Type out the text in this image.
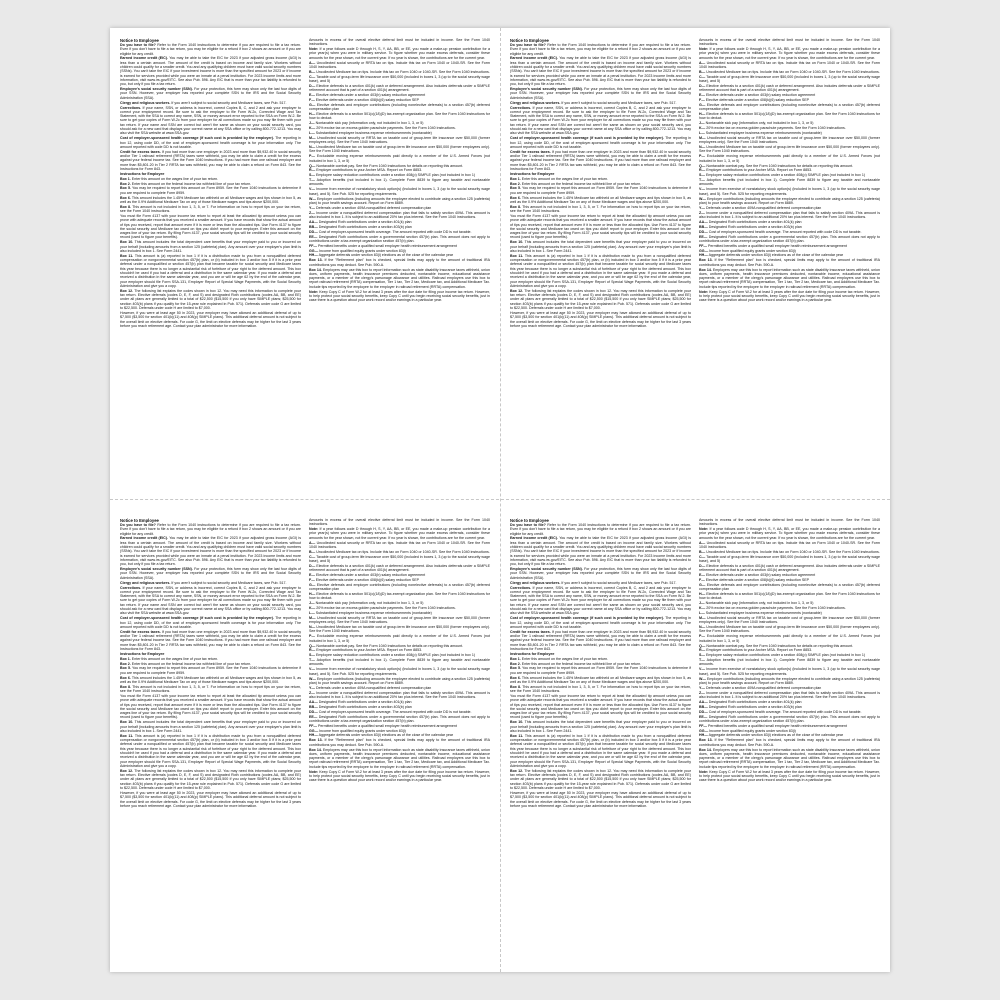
Notice to Employee

Do you have to file? Refer to the Form 1040 instructions to determine if you are required to file a tax return. Even if you don't have to file a tax return, you may be eligible for a refund if box 2 shows an amount or if you are eligible for any credit.

Earned income credit (EIC). You may be able to take the EIC for 2023 if your adjusted gross income (AGI) is less than a certain amount. The amount of the credit is based on income and family size. Workers without children could qualify for a smaller credit. You and any qualifying children must have valid social security numbers (SSNs). You can't take the EIC if your investment income is more than the specified amount for 2023 or if income is earned for services provided while you were an inmate at a penal institution. For 2023 income limits and more information, visit www.irs.gov/EITC. See also Pub. 596. Any EIC that is more than your tax liability is refunded to you, but only if you file a tax return.

Employee's social security number (SSN). For your protection, this form may show only the last four digits of your SSN. However, your employer has reported your complete SSN to the IRS and the Social Security Administration (SSA).

Clergy and religious workers. If you aren't subject to social security and Medicare taxes, see Pub. 517.

Corrections. If your name, SSN, or address is incorrect, correct Copies B, C, and 2 and ask your employer to correct your employment record. Be sure to ask the employer to file Form W-2c, Corrected Wage and Tax Statement, with the SSA to correct any name, SSN, or money amount error reported to the SSA on Form W-2. Be sure to get your copies of Form W-2c from your employer for all corrections made so you may file them with your tax return. If your name and SSN are correct but aren't the same as shown on your social security card, you should ask for a new card that displays your correct name at any SSA office or by calling 800-772-1213. You may also visit the SSA website at www.SSA.gov.

Cost of employer-sponsored health coverage (if such cost is provided by the employer). The reporting in box 12, using code DD, of the cost of employer-sponsored health coverage is for your information only. The amount reported with code DD is not taxable.

Credit for excess taxes. If you had more than one employer in 2023 and more than $9,932.40 in social security and/or Tier 1 railroad retirement (RRTA) taxes were withheld, you may be able to claim a credit for the excess against your federal income tax. See the Form 1040 instructions. If you had more than one railroad employer and more than $5,801.20 in Tier 2 RRTA tax was withheld, you may be able to claim a refund on Form 843. See the Instructions for Form 843.

Instructions for Employee

Box 1. Enter this amount on the wages line of your tax return.

Box 2. Enter this amount on the federal income tax withheld line of your tax return.

Box 5. You may be required to report this amount on Form 8959. See the Form 1040 instructions to determine if you are required to complete Form 8959.

Box 6. This amount includes the 1.45% Medicare tax withheld on all Medicare wages and tips shown in box 5, as well as the 0.9% Additional Medicare Tax on any of those Medicare wages and tips above $200,000.

Box 8. This amount is not included in box 1, 3, 5, or 7. For information on how to report tips on your tax return, see the Form 1040 instructions.

You must file Form 4137 with your income tax return to report at least the allocated tip amount unless you can prove with adequate records that you received a smaller amount. If you have records that show the actual amount of tips you received, report that amount even if it is more or less than the allocated tips. Use Form 4137 to figure the social security and Medicare tax owed on tips you didn't report to your employer. Enter this amount on the wages line of your tax return. By filing Form 4137, your social security tips will be credited to your social security record (used to figure your benefits).

Box 10. This amount includes the total dependent care benefits that your employer paid to you or incurred on your behalf (including amounts from a section 125 (cafeteria) plan). Any amount over your employer's plan limit is also included in box 1. See Form 2441.

Box 11. This amount is (a) reported in box 1 if it is a distribution made to you from a nonqualified deferred compensation or nongovernmental section 457(b) plan, or (b) included in box 3 and/or box 5 if it is a prior year deferral under a nonqualified or section 457(b) plan that became taxable for social security and Medicare taxes this year because there is no longer a substantial risk of forfeiture of your right to the deferred amount. This box shouldn't be used if you had a deferral and a distribution in the same calendar year. If you made a deferral and received a distribution in the same calendar year, and you are or will be age 62 by the end of the calendar year, your employer should file Form SSA-131, Employer Report of Special Wage Payments, with the Social Security Administration and give you a copy.

Box 12. The following list explains the codes shown in box 12. You may need this information to complete your tax return. Elective deferrals (codes D, E, F, and S) and designated Roth contributions (codes AA, BB, and EE) under all plans are generally limited to a total of $22,500 ($15,500 if you only have SIMPLE plans; $25,500 for section 403(b) plans if you qualify for the 15-year rule explained in Pub. 571). Deferrals under code G are limited to $22,500. Deferrals under code H are limited to $7,000.

However, if you were at least age 50 in 2023, your employer may have allowed an additional deferral of up to $7,500 ($3,500 for section 401(k)(11) and 408(p) SIMPLE plans). This additional deferral amount is not subject to the overall limit on elective deferrals. For code G, the limit on elective deferrals may be higher for the last 3 years before you reach retirement age. Contact your plan administrator for more information.

Amounts in excess of the overall elective deferral limit must be included in income. See the Form 1040 instructions.

Note: If a year follows code D through H, S, Y, AA, BB, or EE, you made a make-up pension contribution for a prior year(s) when you were in military service. To figure whether you made excess deferrals, consider these amounts for the year shown, not the current year. If no year is shown, the contributions are for the current year.

A— Uncollected social security or RRTA tax on tips. Include this tax on Form 1040 or 1040-SR. See the Form 1040 instructions.

B— Uncollected Medicare tax on tips. Include this tax on Form 1040 or 1040-SR. See the Form 1040 instructions.

C— Taxable cost of group-term life insurance over $50,000 (included in boxes 1, 3 (up to the social security wage base), and 5)

D— Elective deferrals to a section 401(k) cash or deferred arrangement. Also includes deferrals under a SIMPLE retirement account that is part of a section 401(k) arrangement.

E— Elective deferrals under a section 403(b) salary reduction agreement

F— Elective deferrals under a section 408(k)(6) salary reduction SEP

G— Elective deferrals and employer contributions (including nonelective deferrals) to a section 457(b) deferred compensation plan

H— Elective deferrals to a section 501(c)(18)(D) tax-exempt organization plan. See the Form 1040 instructions for how to deduct.

J— Nontaxable sick pay (information only, not included in box 1, 3, or 5)

K— 20% excise tax on excess golden parachute payments. See the Form 1040 instructions.

L— Substantiated employee business expense reimbursements (nontaxable)

M— Uncollected social security or RRTA tax on taxable cost of group-term life insurance over $50,000 (former employees only). See the Form 1040 instructions.

N— Uncollected Medicare tax on taxable cost of group-term life insurance over $50,000 (former employees only). See the Form 1040 instructions.

P— Excludable moving expense reimbursements paid directly to a member of the U.S. Armed Forces (not included in box 1, 3, or 5)

Q— Nontaxable combat pay. See the Form 1040 instructions for details on reporting this amount.

R— Employer contributions to your Archer MSA. Report on Form 8853.

S— Employee salary reduction contributions under a section 408(p) SIMPLE plan (not included in box 1)

T— Adoption benefits (not included in box 1). Complete Form 8839 to figure any taxable and nontaxable amounts.

V— Income from exercise of nonstatutory stock option(s) (included in boxes 1, 3 (up to the social security wage base), and 5). See Pub. 525 for reporting requirements.

W— Employer contributions (including amounts the employee elected to contribute using a section 125 (cafeteria) plan) to your health savings account. Report on Form 8889.

Y— Deferrals under a section 409A nonqualified deferred compensation plan

Z— Income under a nonqualified deferred compensation plan that fails to satisfy section 409A. This amount is also included in box 1. It is subject to an additional 20% tax plus interest. See the Form 1040 instructions.

AA— Designated Roth contributions under a section 401(k) plan

BB— Designated Roth contributions under a section 403(b) plan

DD— Cost of employer-sponsored health coverage. The amount reported with code DD is not taxable.

EE— Designated Roth contributions under a governmental section 457(b) plan. This amount does not apply to contributions under a tax-exempt organization section 457(b) plan.

FF— Permitted benefits under a qualified small employer health reimbursement arrangement

GG— Income from qualified equity grants under section 83(i)

HH— Aggregate deferrals under section 83(i) elections as of the close of the calendar year

Box 13. If the "Retirement plan" box is checked, special limits may apply to the amount of traditional IRA contributions you may deduct. See Pub. 590-A.

Box 14. Employers may use this box to report information such as state disability insurance taxes withheld, union dues, uniform payments, health insurance premiums deducted, nontaxable income, educational assistance payments, or a member of the clergy's parsonage allowance and utilities. Railroad employers use this box to report railroad retirement (RRTA) compensation, Tier 1 tax, Tier 2 tax, Medicare tax, and Additional Medicare Tax. Include tips reported by the employee to the employer in railroad retirement (RRTA) compensation.

Note: Keep Copy C of Form W-2 for at least 3 years after the due date for filing your income tax return. However, to help protect your social security benefits, keep Copy C until you begin receiving social security benefits, just in case there is a question about your work record and/or earnings in a particular year.

Notice to Employee

Do you have to file? Refer to the Form 1040 instructions to determine if you are required to file a tax return. Even if you don't have to file a tax return, you may be eligible for a refund if box 2 shows an amount or if you are eligible for any credit.

Earned income credit (EIC). You may be able to take the EIC for 2023 if your adjusted gross income (AGI) is less than a certain amount. The amount of the credit is based on income and family size. Workers without children could qualify for a smaller credit. You and any qualifying children must have valid social security numbers (SSNs). You can't take the EIC if your investment income is more than the specified amount for 2023 or if income is earned for services provided while you were an inmate at a penal institution. For 2023 income limits and more information, visit www.irs.gov/EITC. See also Pub. 596. Any EIC that is more than your tax liability is refunded to you, but only if you file a tax return.

Employee's social security number (SSN). For your protection, this form may show only the last four digits of your SSN. However, your employer has reported your complete SSN to the IRS and the Social Security Administration (SSA).

Clergy and religious workers. If you aren't subject to social security and Medicare taxes, see Pub. 517.

Corrections. If your name, SSN, or address is incorrect, correct Copies B, C, and 2 and ask your employer to correct your employment record. Be sure to ask the employer to file Form W-2c, Corrected Wage and Tax Statement, with the SSA to correct any name, SSN, or money amount error reported to the SSA on Form W-2. Be sure to get your copies of Form W-2c from your employer for all corrections made so you may file them with your tax return. If your name and SSN are correct but aren't the same as shown on your social security card, you should ask for a new card that displays your correct name at any SSA office or by calling 800-772-1213. You may also visit the SSA website at www.SSA.gov.

Cost of employer-sponsored health coverage (if such cost is provided by the employer). The reporting in box 12, using code DD, of the cost of employer-sponsored health coverage is for your information only. The amount reported with code DD is not taxable.

Credit for excess taxes. If you had more than one employer in 2023 and more than $9,932.40 in social security and/or Tier 1 railroad retirement (RRTA) taxes were withheld, you may be able to claim a credit for the excess against your federal income tax. See the Form 1040 instructions. If you had more than one railroad employer and more than $5,801.20 in Tier 2 RRTA tax was withheld, you may be able to claim a refund on Form 843. See the Instructions for Form 843.

Instructions for Employee

Box 1. Enter this amount on the wages line of your tax return.

Box 2. Enter this amount on the federal income tax withheld line of your tax return.

Box 5. You may be required to report this amount on Form 8959. See the Form 1040 instructions to determine if you are required to complete Form 8959.

Box 6. This amount includes the 1.45% Medicare tax withheld on all Medicare wages and tips shown in box 5, as well as the 0.9% Additional Medicare Tax on any of those Medicare wages and tips above $200,000.

Box 8. This amount is not included in box 1, 3, 5, or 7. For information on how to report tips on your tax return, see the Form 1040 instructions.

You must file Form 4137 with your income tax return to report at least the allocated tip amount unless you can prove with adequate records that you received a smaller amount. If you have records that show the actual amount of tips you received, report that amount even if it is more or less than the allocated tips. Use Form 4137 to figure the social security and Medicare tax owed on tips you didn't report to your employer. Enter this amount on the wages line of your tax return. By filing Form 4137, your social security tips will be credited to your social security record (used to figure your benefits).

Box 10. This amount includes the total dependent care benefits that your employer paid to you or incurred on your behalf (including amounts from a section 125 (cafeteria) plan). Any amount over your employer's plan limit is also included in box 1. See Form 2441.

Box 11. This amount is (a) reported in box 1 if it is a distribution made to you from a nonqualified deferred compensation or nongovernmental section 457(b) plan, or (b) included in box 3 and/or box 5 if it is a prior year deferral under a nonqualified or section 457(b) plan that became taxable for social security and Medicare taxes this year because there is no longer a substantial risk of forfeiture of your right to the deferred amount. This box shouldn't be used if you had a deferral and a distribution in the same calendar year. If you made a deferral and received a distribution in the same calendar year, and you are or will be age 62 by the end of the calendar year, your employer should file Form SSA-131, Employer Report of Special Wage Payments, with the Social Security Administration and give you a copy.

Box 12. The following list explains the codes shown in box 12. You may need this information to complete your tax return. Elective deferrals (codes D, E, F, and S) and designated Roth contributions (codes AA, BB, and EE) under all plans are generally limited to a total of $22,500 ($15,500 if you only have SIMPLE plans; $25,500 for section 403(b) plans if you qualify for the 15-year rule explained in Pub. 571). Deferrals under code G are limited to $22,500. Deferrals under code H are limited to $7,000.

However, if you were at least age 50 in 2023, your employer may have allowed an additional deferral of up to $7,500 ($3,500 for section 401(k)(11) and 408(p) SIMPLE plans). This additional deferral amount is not subject to the overall limit on elective deferrals. For code G, the limit on elective deferrals may be higher for the last 3 years before you reach retirement age. Contact your plan administrator for more information.

Amounts in excess of the overall elective deferral limit must be included in income. See the Form 1040 instructions.

Note: If a year follows code D through H, S, Y, AA, BB, or EE, you made a make-up pension contribution for a prior year(s) when you were in military service. To figure whether you made excess deferrals, consider these amounts for the year shown, not the current year. If no year is shown, the contributions are for the current year.

A— Uncollected social security or RRTA tax on tips. Include this tax on Form 1040 or 1040-SR. See the Form 1040 instructions.

B— Uncollected Medicare tax on tips. Include this tax on Form 1040 or 1040-SR. See the Form 1040 instructions.

C— Taxable cost of group-term life insurance over $50,000 (included in boxes 1, 3 (up to the social security wage base), and 5)

D— Elective deferrals to a section 401(k) cash or deferred arrangement. Also includes deferrals under a SIMPLE retirement account that is part of a section 401(k) arrangement.

E— Elective deferrals under a section 403(b) salary reduction agreement

F— Elective deferrals under a section 408(k)(6) salary reduction SEP

G— Elective deferrals and employer contributions (including nonelective deferrals) to a section 457(b) deferred compensation plan

H— Elective deferrals to a section 501(c)(18)(D) tax-exempt organization plan. See the Form 1040 instructions for how to deduct.

J— Nontaxable sick pay (information only, not included in box 1, 3, or 5)

K— 20% excise tax on excess golden parachute payments. See the Form 1040 instructions.

L— Substantiated employee business expense reimbursements (nontaxable)

M— Uncollected social security or RRTA tax on taxable cost of group-term life insurance over $50,000 (former employees only). See the Form 1040 instructions.

N— Uncollected Medicare tax on taxable cost of group-term life insurance over $50,000 (former employees only). See the Form 1040 instructions.

P— Excludable moving expense reimbursements paid directly to a member of the U.S. Armed Forces (not included in box 1, 3, or 5)

Q— Nontaxable combat pay. See the Form 1040 instructions for details on reporting this amount.

R— Employer contributions to your Archer MSA. Report on Form 8853.

S— Employee salary reduction contributions under a section 408(p) SIMPLE plan (not included in box 1)

T— Adoption benefits (not included in box 1). Complete Form 8839 to figure any taxable and nontaxable amounts.

V— Income from exercise of nonstatutory stock option(s) (included in boxes 1, 3 (up to the social security wage base), and 5). See Pub. 525 for reporting requirements.

W— Employer contributions (including amounts the employee elected to contribute using a section 125 (cafeteria) plan) to your health savings account. Report on Form 8889.

Y— Deferrals under a section 409A nonqualified deferred compensation plan

Z— Income under a nonqualified deferred compensation plan that fails to satisfy section 409A. This amount is also included in box 1. It is subject to an additional 20% tax plus interest. See the Form 1040 instructions.

AA— Designated Roth contributions under a section 401(k) plan

BB— Designated Roth contributions under a section 403(b) plan

DD— Cost of employer-sponsored health coverage. The amount reported with code DD is not taxable.

EE— Designated Roth contributions under a governmental section 457(b) plan. This amount does not apply to contributions under a tax-exempt organization section 457(b) plan.

FF— Permitted benefits under a qualified small employer health reimbursement arrangement

GG— Income from qualified equity grants under section 83(i)

HH— Aggregate deferrals under section 83(i) elections as of the close of the calendar year

Box 13. If the "Retirement plan" box is checked, special limits may apply to the amount of traditional IRA contributions you may deduct. See Pub. 590-A.

Box 14. Employers may use this box to report information such as state disability insurance taxes withheld, union dues, uniform payments, health insurance premiums deducted, nontaxable income, educational assistance payments, or a member of the clergy's parsonage allowance and utilities. Railroad employers use this box to report railroad retirement (RRTA) compensation, Tier 1 tax, Tier 2 tax, Medicare tax, and Additional Medicare Tax. Include tips reported by the employee to the employer in railroad retirement (RRTA) compensation.

Note: Keep Copy C of Form W-2 for at least 3 years after the due date for filing your income tax return. However, to help protect your social security benefits, keep Copy C until you begin receiving social security benefits, just in case there is a question about your work record and/or earnings in a particular year.

Notice to Employee

Do you have to file? Refer to the Form 1040 instructions to determine if you are required to file a tax return. Even if you don't have to file a tax return, you may be eligible for a refund if box 2 shows an amount or if you are eligible for any credit.

Earned income credit (EIC). You may be able to take the EIC for 2023 if your adjusted gross income (AGI) is less than a certain amount. The amount of the credit is based on income and family size. Workers without children could qualify for a smaller credit. You and any qualifying children must have valid social security numbers (SSNs). You can't take the EIC if your investment income is more than the specified amount for 2023 or if income is earned for services provided while you were an inmate at a penal institution. For 2023 income limits and more information, visit www.irs.gov/EITC. See also Pub. 596. Any EIC that is more than your tax liability is refunded to you, but only if you file a tax return.

Employee's social security number (SSN). For your protection, this form may show only the last four digits of your SSN. However, your employer has reported your complete SSN to the IRS and the Social Security Administration (SSA).

Clergy and religious workers. If you aren't subject to social security and Medicare taxes, see Pub. 517.

Corrections. If your name, SSN, or address is incorrect, correct Copies B, C, and 2 and ask your employer to correct your employment record. Be sure to ask the employer to file Form W-2c, Corrected Wage and Tax Statement, with the SSA to correct any name, SSN, or money amount error reported to the SSA on Form W-2. Be sure to get your copies of Form W-2c from your employer for all corrections made so you may file them with your tax return. If your name and SSN are correct but aren't the same as shown on your social security card, you should ask for a new card that displays your correct name at any SSA office or by calling 800-772-1213. You may also visit the SSA website at www.SSA.gov.

Cost of employer-sponsored health coverage (if such cost is provided by the employer). The reporting in box 12, using code DD, of the cost of employer-sponsored health coverage is for your information only. The amount reported with code DD is not taxable.

Credit for excess taxes. If you had more than one employer in 2023 and more than $9,932.40 in social security and/or Tier 1 railroad retirement (RRTA) taxes were withheld, you may be able to claim a credit for the excess against your federal income tax. See the Form 1040 instructions. If you had more than one railroad employer and more than $5,801.20 in Tier 2 RRTA tax was withheld, you may be able to claim a refund on Form 843. See the Instructions for Form 843.

Instructions for Employee

Box 1. Enter this amount on the wages line of your tax return.

Box 2. Enter this amount on the federal income tax withheld line of your tax return.

Box 5. You may be required to report this amount on Form 8959. See the Form 1040 instructions to determine if you are required to complete Form 8959.

Box 6. This amount includes the 1.45% Medicare tax withheld on all Medicare wages and tips shown in box 5, as well as the 0.9% Additional Medicare Tax on any of those Medicare wages and tips above $200,000.

Box 8. This amount is not included in box 1, 3, 5, or 7. For information on how to report tips on your tax return, see the Form 1040 instructions.

You must file Form 4137 with your income tax return to report at least the allocated tip amount unless you can prove with adequate records that you received a smaller amount. If you have records that show the actual amount of tips you received, report that amount even if it is more or less than the allocated tips. Use Form 4137 to figure the social security and Medicare tax owed on tips you didn't report to your employer. Enter this amount on the wages line of your tax return. By filing Form 4137, your social security tips will be credited to your social security record (used to figure your benefits).

Box 10. This amount includes the total dependent care benefits that your employer paid to you or incurred on your behalf (including amounts from a section 125 (cafeteria) plan). Any amount over your employer's plan limit is also included in box 1. See Form 2441.

Box 11. This amount is (a) reported in box 1 if it is a distribution made to you from a nonqualified deferred compensation or nongovernmental section 457(b) plan, or (b) included in box 3 and/or box 5 if it is a prior year deferral under a nonqualified or section 457(b) plan that became taxable for social security and Medicare taxes this year because there is no longer a substantial risk of forfeiture of your right to the deferred amount. This box shouldn't be used if you had a deferral and a distribution in the same calendar year. If you made a deferral and received a distribution in the same calendar year, and you are or will be age 62 by the end of the calendar year, your employer should file Form SSA-131, Employer Report of Special Wage Payments, with the Social Security Administration and give you a copy.

Box 12. The following list explains the codes shown in box 12. You may need this information to complete your tax return. Elective deferrals (codes D, E, F, and S) and designated Roth contributions (codes AA, BB, and EE) under all plans are generally limited to a total of $22,500 ($15,500 if you only have SIMPLE plans; $25,500 for section 403(b) plans if you qualify for the 15-year rule explained in Pub. 571). Deferrals under code G are limited to $22,500. Deferrals under code H are limited to $7,000.

However, if you were at least age 50 in 2023, your employer may have allowed an additional deferral of up to $7,500 ($3,500 for section 401(k)(11) and 408(p) SIMPLE plans). This additional deferral amount is not subject to the overall limit on elective deferrals. For code G, the limit on elective deferrals may be higher for the last 3 years before you reach retirement age. Contact your plan administrator for more information.

Amounts in excess of the overall elective deferral limit must be included in income. See the Form 1040 instructions.

Note: If a year follows code D through H, S, Y, AA, BB, or EE, you made a make-up pension contribution for a prior year(s) when you were in military service. To figure whether you made excess deferrals, consider these amounts for the year shown, not the current year. If no year is shown, the contributions are for the current year.

A— Uncollected social security or RRTA tax on tips. Include this tax on Form 1040 or 1040-SR. See the Form 1040 instructions.

B— Uncollected Medicare tax on tips. Include this tax on Form 1040 or 1040-SR. See the Form 1040 instructions.

C— Taxable cost of group-term life insurance over $50,000 (included in boxes 1, 3 (up to the social security wage base), and 5)

D— Elective deferrals to a section 401(k) cash or deferred arrangement. Also includes deferrals under a SIMPLE retirement account that is part of a section 401(k) arrangement.

E— Elective deferrals under a section 403(b) salary reduction agreement

F— Elective deferrals under a section 408(k)(6) salary reduction SEP

G— Elective deferrals and employer contributions (including nonelective deferrals) to a section 457(b) deferred compensation plan

H— Elective deferrals to a section 501(c)(18)(D) tax-exempt organization plan. See the Form 1040 instructions for how to deduct.

J— Nontaxable sick pay (information only, not included in box 1, 3, or 5)

K— 20% excise tax on excess golden parachute payments. See the Form 1040 instructions.

L— Substantiated employee business expense reimbursements (nontaxable)

M— Uncollected social security or RRTA tax on taxable cost of group-term life insurance over $50,000 (former employees only). See the Form 1040 instructions.

N— Uncollected Medicare tax on taxable cost of group-term life insurance over $50,000 (former employees only). See the Form 1040 instructions.

P— Excludable moving expense reimbursements paid directly to a member of the U.S. Armed Forces (not included in box 1, 3, or 5)

Q— Nontaxable combat pay. See the Form 1040 instructions for details on reporting this amount.

R— Employer contributions to your Archer MSA. Report on Form 8853.

S— Employee salary reduction contributions under a section 408(p) SIMPLE plan (not included in box 1)

T— Adoption benefits (not included in box 1). Complete Form 8839 to figure any taxable and nontaxable amounts.

V— Income from exercise of nonstatutory stock option(s) (included in boxes 1, 3 (up to the social security wage base), and 5). See Pub. 525 for reporting requirements.

W— Employer contributions (including amounts the employee elected to contribute using a section 125 (cafeteria) plan) to your health savings account. Report on Form 8889.

Y— Deferrals under a section 409A nonqualified deferred compensation plan

Z— Income under a nonqualified deferred compensation plan that fails to satisfy section 409A. This amount is also included in box 1. It is subject to an additional 20% tax plus interest. See the Form 1040 instructions.

AA— Designated Roth contributions under a section 401(k) plan

BB— Designated Roth contributions under a section 403(b) plan

DD— Cost of employer-sponsored health coverage. The amount reported with code DD is not taxable.

EE— Designated Roth contributions under a governmental section 457(b) plan. This amount does not apply to contributions under a tax-exempt organization section 457(b) plan.

FF— Permitted benefits under a qualified small employer health reimbursement arrangement

GG— Income from qualified equity grants under section 83(i)

HH— Aggregate deferrals under section 83(i) elections as of the close of the calendar year

Box 13. If the "Retirement plan" box is checked, special limits may apply to the amount of traditional IRA contributions you may deduct. See Pub. 590-A.

Box 14. Employers may use this box to report information such as state disability insurance taxes withheld, union dues, uniform payments, health insurance premiums deducted, nontaxable income, educational assistance payments, or a member of the clergy's parsonage allowance and utilities. Railroad employers use this box to report railroad retirement (RRTA) compensation, Tier 1 tax, Tier 2 tax, Medicare tax, and Additional Medicare Tax. Include tips reported by the employee to the employer in railroad retirement (RRTA) compensation.

Note: Keep Copy C of Form W-2 for at least 3 years after the due date for filing your income tax return. However, to help protect your social security benefits, keep Copy C until you begin receiving social security benefits, just in case there is a question about your work record and/or earnings in a particular year.

Notice to Employee

Do you have to file? Refer to the Form 1040 instructions to determine if you are required to file a tax return. Even if you don't have to file a tax return, you may be eligible for a refund if box 2 shows an amount or if you are eligible for any credit.

Earned income credit (EIC). You may be able to take the EIC for 2023 if your adjusted gross income (AGI) is less than a certain amount. The amount of the credit is based on income and family size. Workers without children could qualify for a smaller credit. You and any qualifying children must have valid social security numbers (SSNs). You can't take the EIC if your investment income is more than the specified amount for 2023 or if income is earned for services provided while you were an inmate at a penal institution. For 2023 income limits and more information, visit www.irs.gov/EITC. See also Pub. 596. Any EIC that is more than your tax liability is refunded to you, but only if you file a tax return.

Employee's social security number (SSN). For your protection, this form may show only the last four digits of your SSN. However, your employer has reported your complete SSN to the IRS and the Social Security Administration (SSA).

Clergy and religious workers. If you aren't subject to social security and Medicare taxes, see Pub. 517.

Corrections. If your name, SSN, or address is incorrect, correct Copies B, C, and 2 and ask your employer to correct your employment record. Be sure to ask the employer to file Form W-2c, Corrected Wage and Tax Statement, with the SSA to correct any name, SSN, or money amount error reported to the SSA on Form W-2. Be sure to get your copies of Form W-2c from your employer for all corrections made so you may file them with your tax return. If your name and SSN are correct but aren't the same as shown on your social security card, you should ask for a new card that displays your correct name at any SSA office or by calling 800-772-1213. You may also visit the SSA website at www.SSA.gov.

Cost of employer-sponsored health coverage (if such cost is provided by the employer). The reporting in box 12, using code DD, of the cost of employer-sponsored health coverage is for your information only. The amount reported with code DD is not taxable.

Credit for excess taxes. If you had more than one employer in 2023 and more than $9,932.40 in social security and/or Tier 1 railroad retirement (RRTA) taxes were withheld, you may be able to claim a credit for the excess against your federal income tax. See the Form 1040 instructions. If you had more than one railroad employer and more than $5,801.20 in Tier 2 RRTA tax was withheld, you may be able to claim a refund on Form 843. See the Instructions for Form 843.

Instructions for Employee

Box 1. Enter this amount on the wages line of your tax return.

Box 2. Enter this amount on the federal income tax withheld line of your tax return.

Box 5. You may be required to report this amount on Form 8959. See the Form 1040 instructions to determine if you are required to complete Form 8959.

Box 6. This amount includes the 1.45% Medicare tax withheld on all Medicare wages and tips shown in box 5, as well as the 0.9% Additional Medicare Tax on any of those Medicare wages and tips above $200,000.

Box 8. This amount is not included in box 1, 3, 5, or 7. For information on how to report tips on your tax return, see the Form 1040 instructions.

You must file Form 4137 with your income tax return to report at least the allocated tip amount unless you can prove with adequate records that you received a smaller amount. If you have records that show the actual amount of tips you received, report that amount even if it is more or less than the allocated tips. Use Form 4137 to figure the social security and Medicare tax owed on tips you didn't report to your employer. Enter this amount on the wages line of your tax return. By filing Form 4137, your social security tips will be credited to your social security record (used to figure your benefits).

Box 10. This amount includes the total dependent care benefits that your employer paid to you or incurred on your behalf (including amounts from a section 125 (cafeteria) plan). Any amount over your employer's plan limit is also included in box 1. See Form 2441.

Box 11. This amount is (a) reported in box 1 if it is a distribution made to you from a nonqualified deferred compensation or nongovernmental section 457(b) plan, or (b) included in box 3 and/or box 5 if it is a prior year deferral under a nonqualified or section 457(b) plan that became taxable for social security and Medicare taxes this year because there is no longer a substantial risk of forfeiture of your right to the deferred amount. This box shouldn't be used if you had a deferral and a distribution in the same calendar year. If you made a deferral and received a distribution in the same calendar year, and you are or will be age 62 by the end of the calendar year, your employer should file Form SSA-131, Employer Report of Special Wage Payments, with the Social Security Administration and give you a copy.

Box 12. The following list explains the codes shown in box 12. You may need this information to complete your tax return. Elective deferrals (codes D, E, F, and S) and designated Roth contributions (codes AA, BB, and EE) under all plans are generally limited to a total of $22,500 ($15,500 if you only have SIMPLE plans; $25,500 for section 403(b) plans if you qualify for the 15-year rule explained in Pub. 571). Deferrals under code G are limited to $22,500. Deferrals under code H are limited to $7,000.

However, if you were at least age 50 in 2023, your employer may have allowed an additional deferral of up to $7,500 ($3,500 for section 401(k)(11) and 408(p) SIMPLE plans). This additional deferral amount is not subject to the overall limit on elective deferrals. For code G, the limit on elective deferrals may be higher for the last 3 years before you reach retirement age. Contact your plan administrator for more information.

Amounts in excess of the overall elective deferral limit must be included in income. See the Form 1040 instructions.

Note: If a year follows code D through H, S, Y, AA, BB, or EE, you made a make-up pension contribution for a prior year(s) when you were in military service. To figure whether you made excess deferrals, consider these amounts for the year shown, not the current year. If no year is shown, the contributions are for the current year.

A— Uncollected social security or RRTA tax on tips. Include this tax on Form 1040 or 1040-SR. See the Form 1040 instructions.

B— Uncollected Medicare tax on tips. Include this tax on Form 1040 or 1040-SR. See the Form 1040 instructions.

C— Taxable cost of group-term life insurance over $50,000 (included in boxes 1, 3 (up to the social security wage base), and 5)

D— Elective deferrals to a section 401(k) cash or deferred arrangement. Also includes deferrals under a SIMPLE retirement account that is part of a section 401(k) arrangement.

E— Elective deferrals under a section 403(b) salary reduction agreement

F— Elective deferrals under a section 408(k)(6) salary reduction SEP

G— Elective deferrals and employer contributions (including nonelective deferrals) to a section 457(b) deferred compensation plan

H— Elective deferrals to a section 501(c)(18)(D) tax-exempt organization plan. See the Form 1040 instructions for how to deduct.

J— Nontaxable sick pay (information only, not included in box 1, 3, or 5)

K— 20% excise tax on excess golden parachute payments. See the Form 1040 instructions.

L— Substantiated employee business expense reimbursements (nontaxable)

M— Uncollected social security or RRTA tax on taxable cost of group-term life insurance over $50,000 (former employees only). See the Form 1040 instructions.

N— Uncollected Medicare tax on taxable cost of group-term life insurance over $50,000 (former employees only). See the Form 1040 instructions.

P— Excludable moving expense reimbursements paid directly to a member of the U.S. Armed Forces (not included in box 1, 3, or 5)

Q— Nontaxable combat pay. See the Form 1040 instructions for details on reporting this amount.

R— Employer contributions to your Archer MSA. Report on Form 8853.

S— Employee salary reduction contributions under a section 408(p) SIMPLE plan (not included in box 1)

T— Adoption benefits (not included in box 1). Complete Form 8839 to figure any taxable and nontaxable amounts.

V— Income from exercise of nonstatutory stock option(s) (included in boxes 1, 3 (up to the social security wage base), and 5). See Pub. 525 for reporting requirements.

W— Employer contributions (including amounts the employee elected to contribute using a section 125 (cafeteria) plan) to your health savings account. Report on Form 8889.

Y— Deferrals under a section 409A nonqualified deferred compensation plan

Z— Income under a nonqualified deferred compensation plan that fails to satisfy section 409A. This amount is also included in box 1. It is subject to an additional 20% tax plus interest. See the Form 1040 instructions.

AA— Designated Roth contributions under a section 401(k) plan

BB— Designated Roth contributions under a section 403(b) plan

DD— Cost of employer-sponsored health coverage. The amount reported with code DD is not taxable.

EE— Designated Roth contributions under a governmental section 457(b) plan. This amount does not apply to contributions under a tax-exempt organization section 457(b) plan.

FF— Permitted benefits under a qualified small employer health reimbursement arrangement

GG— Income from qualified equity grants under section 83(i)

HH— Aggregate deferrals under section 83(i) elections as of the close of the calendar year

Box 13. If the "Retirement plan" box is checked, special limits may apply to the amount of traditional IRA contributions you may deduct. See Pub. 590-A.

Box 14. Employers may use this box to report information such as state disability insurance taxes withheld, union dues, uniform payments, health insurance premiums deducted, nontaxable income, educational assistance payments, or a member of the clergy's parsonage allowance and utilities. Railroad employers use this box to report railroad retirement (RRTA) compensation, Tier 1 tax, Tier 2 tax, Medicare tax, and Additional Medicare Tax. Include tips reported by the employee to the employer in railroad retirement (RRTA) compensation.

Note: Keep Copy C of Form W-2 for at least 3 years after the due date for filing your income tax return. However, to help protect your social security benefits, keep Copy C until you begin receiving social security benefits, just in case there is a question about your work record and/or earnings in a particular year.
